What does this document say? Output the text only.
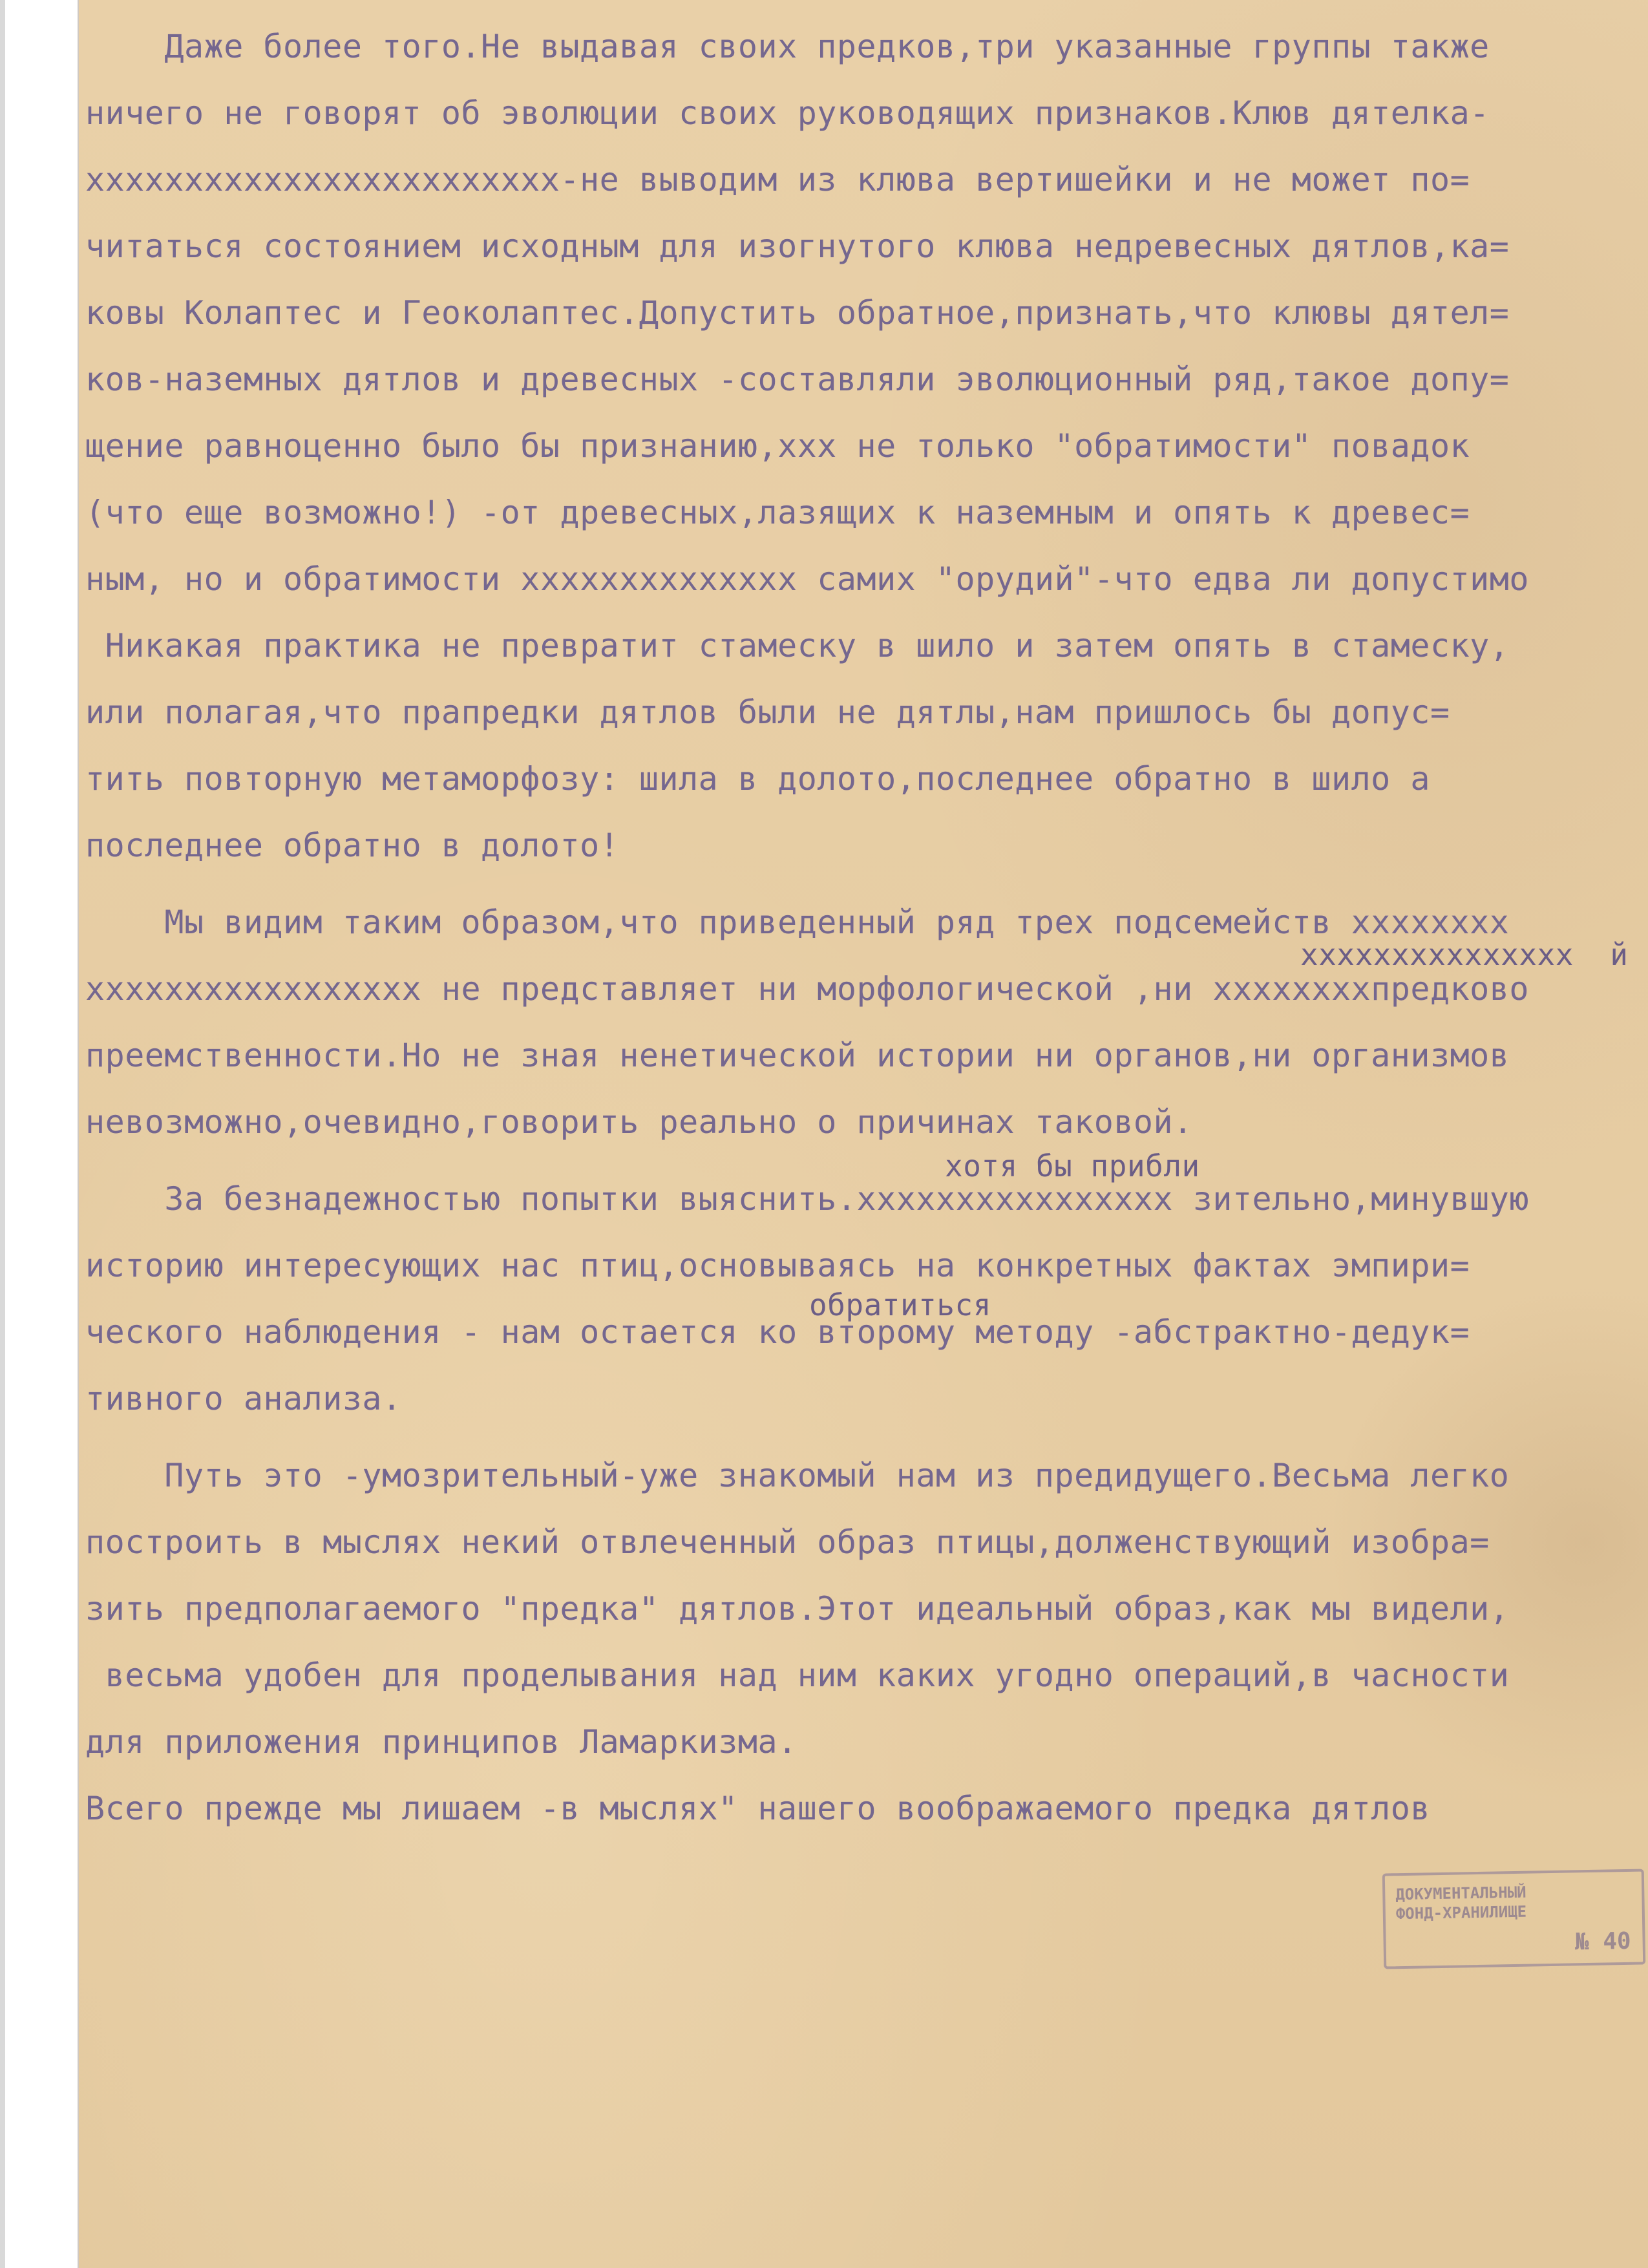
Даже более того.Не выдавая своих предков,три указанные группы также
ничего не говорят об эволюции своих руководящих признаков.Клюв дятелка-
хххххххххххххххххххххххх-не выводим из клюва вертишейки и не может по=
читаться состоянием исходным для изогнутого клюва недревесных дятлов,ка=
ковы Колаптес и Геоколаптес.Допустить обратное,признать,что клювы дятел=
ков-наземных дятлов и древесных -составляли эволюционный ряд,такое допу=
щение равноценно было бы признанию,ххх не только "обратимости" повадок
(что еще возможно!) -от древесных,лазящих к наземным и опять к древес=
ным, но и обратимости хххххххххххххх самих "орудий"-что едва ли допустимо
Никакая практика не превратит стамеску в шило и затем опять в стамеску,
или полагая,что прапредки дятлов были не дятлы,нам пришлось бы допус=
тить повторную метаморфозу: шила в долото,последнее обратно в шило а
последнее обратно в долото!
Мы видим таким образом,что приведенный ряд трех подсемейств хххххххх
ххххххххххххххх  й
ххххххххххххххххх не представляет ни морфологической ,ни ххххххххпредково
преемственности.Но не зная ненетической истории ни органов,ни организмов
невозможно,очевидно,говорить реально о причинах таковой.
хотя бы прибли
За безнадежностью попытки выяснить.хххххххххххххххх зительно,минувшую
историю интересующих нас птиц,основываясь на конкретных фактах эмпири=
обратиться
ческого наблюдения - нам остается ко второму методу -абстрактно-дедук=
тивного анализа.
Путь это -умозрительный-уже знакомый нам из предидущего.Весьма легко
построить в мыслях некий отвлеченный образ птицы,долженствующий изобра=
зить предполагаемого "предка" дятлов.Этот идеальный образ,как мы видели,
весьма удобен для проделывания над ним каких угодно операций,в часности
для приложения принципов Ламаркизма.
Всего прежде мы лишаем -в мыслях" нашего воображаемого предка дятлов
ДОКУМЕНТАЛЬНЫЙ
ФОНД-ХРАНИЛИЩЕ
№ 40
